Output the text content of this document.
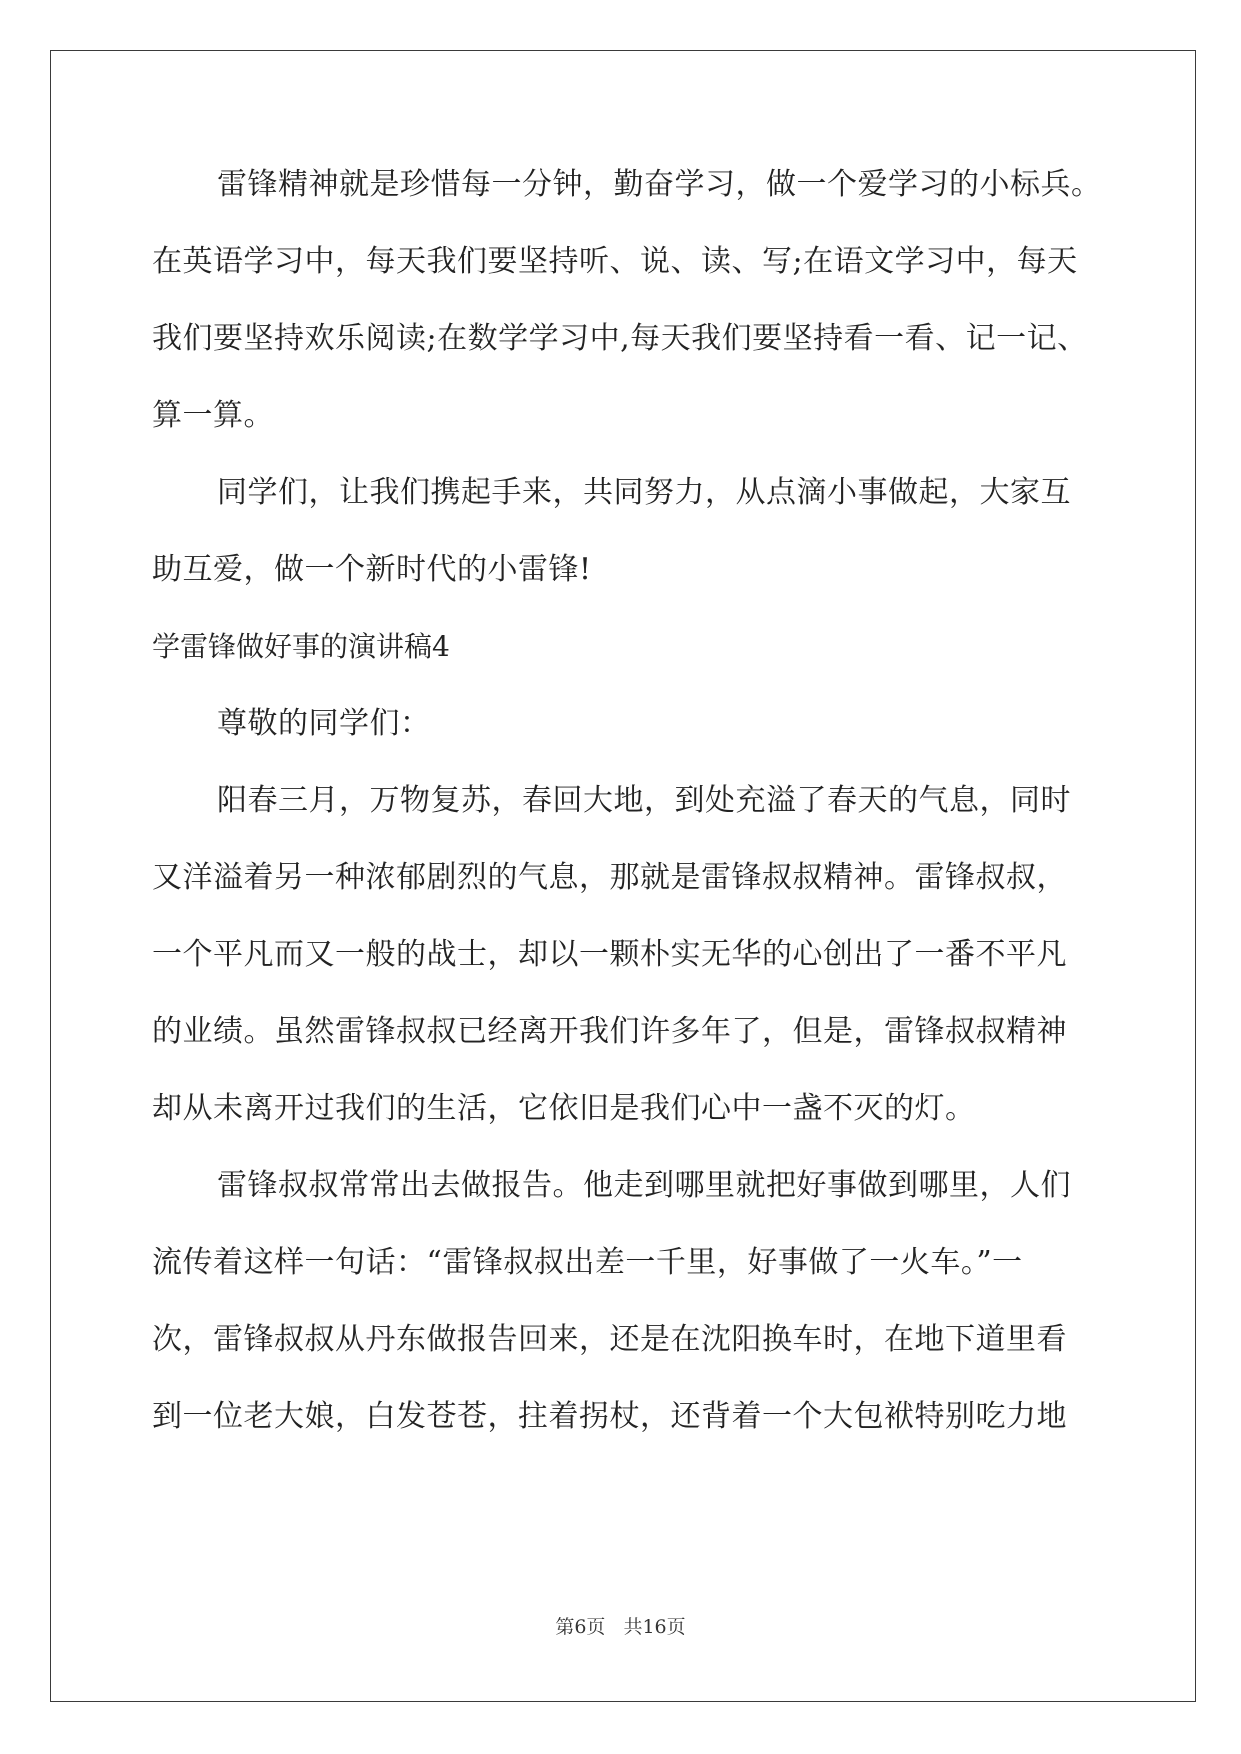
雷锋精神就是珍惜每一分钟，勤奋学习，做一个爱学习的小标兵。
在英语学习中，每天我们要坚持听、说、读、写;在语文学习中，每天
我们要坚持欢乐阅读;在数学学习中,每天我们要坚持看一看、记一记、
算一算。
同学们，让我们携起手来，共同努力，从点滴小事做起，大家互
助互爱，做一个新时代的小雷锋!
学雷锋做好事的演讲稿4
尊敬的同学们：
阳春三月，万物复苏，春回大地，到处充溢了春天的气息，同时
又洋溢着另一种浓郁剧烈的气息，那就是雷锋叔叔精神。雷锋叔叔，
一个平凡而又一般的战士，却以一颗朴实无华的心创出了一番不平凡
的业绩。虽然雷锋叔叔已经离开我们许多年了，但是，雷锋叔叔精神
却从未离开过我们的生活，它依旧是我们心中一盏不灭的灯。
雷锋叔叔常常出去做报告。他走到哪里就把好事做到哪里，人们
流传着这样一句话：“雷锋叔叔出差一千里，好事做了一火车。”一
次，雷锋叔叔从丹东做报告回来，还是在沈阳换车时，在地下道里看
到一位老大娘，白发苍苍，拄着拐杖，还背着一个大包袱特别吃力地
第6页 共16页
